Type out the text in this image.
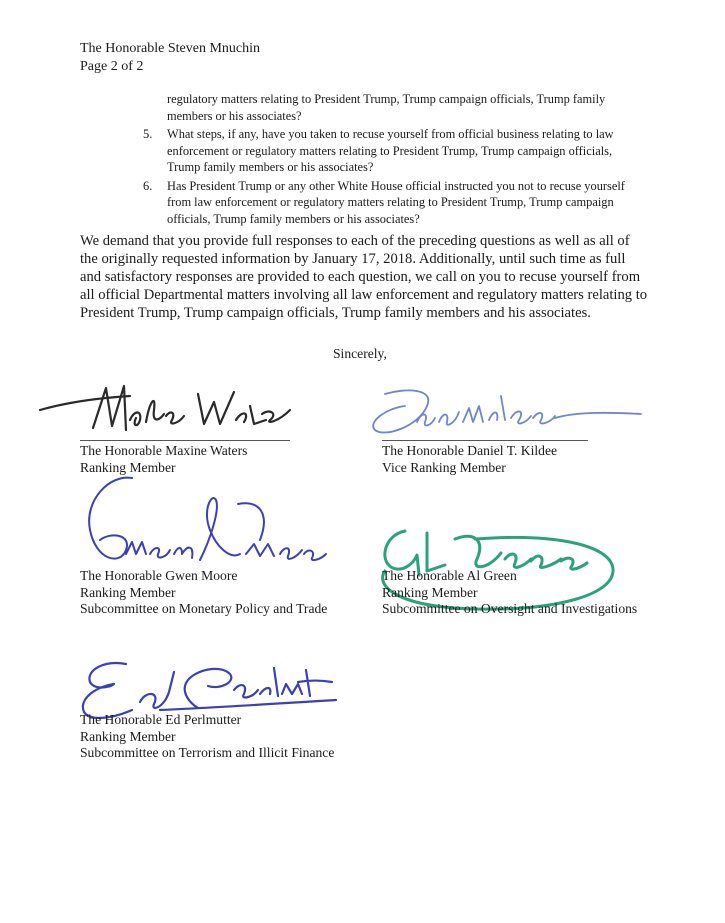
The Honorable Steven Mnuchin
Page 2 of 2
regulatory matters relating to President Trump, Trump campaign officials, Trump family members or his associates?
5. What steps, if any, have you taken to recuse yourself from official business relating to law enforcement or regulatory matters relating to President Trump, Trump campaign officials, Trump family members or his associates?
6. Has President Trump or any other White House official instructed you not to recuse yourself from law enforcement or regulatory matters relating to President Trump, Trump campaign officials, Trump family members or his associates?
We demand that you provide full responses to each of the preceding questions as well as all of the originally requested information by January 17, 2018. Additionally, until such time as full and satisfactory responses are provided to each question, we call on you to recuse yourself from all official Departmental matters involving all law enforcement and regulatory matters relating to President Trump, Trump campaign officials, Trump family members and his associates.
Sincerely,
The Honorable Maxine Waters
Ranking Member
The Honorable Daniel T. Kildee
Vice Ranking Member
The Honorable Gwen Moore
Ranking Member
Subcommittee on Monetary Policy and Trade
The Honorable Al Green
Ranking Member
Subcommittee on Oversight and Investigations
The Honorable Ed Perlmutter
Ranking Member
Subcommittee on Terrorism and Illicit Finance
